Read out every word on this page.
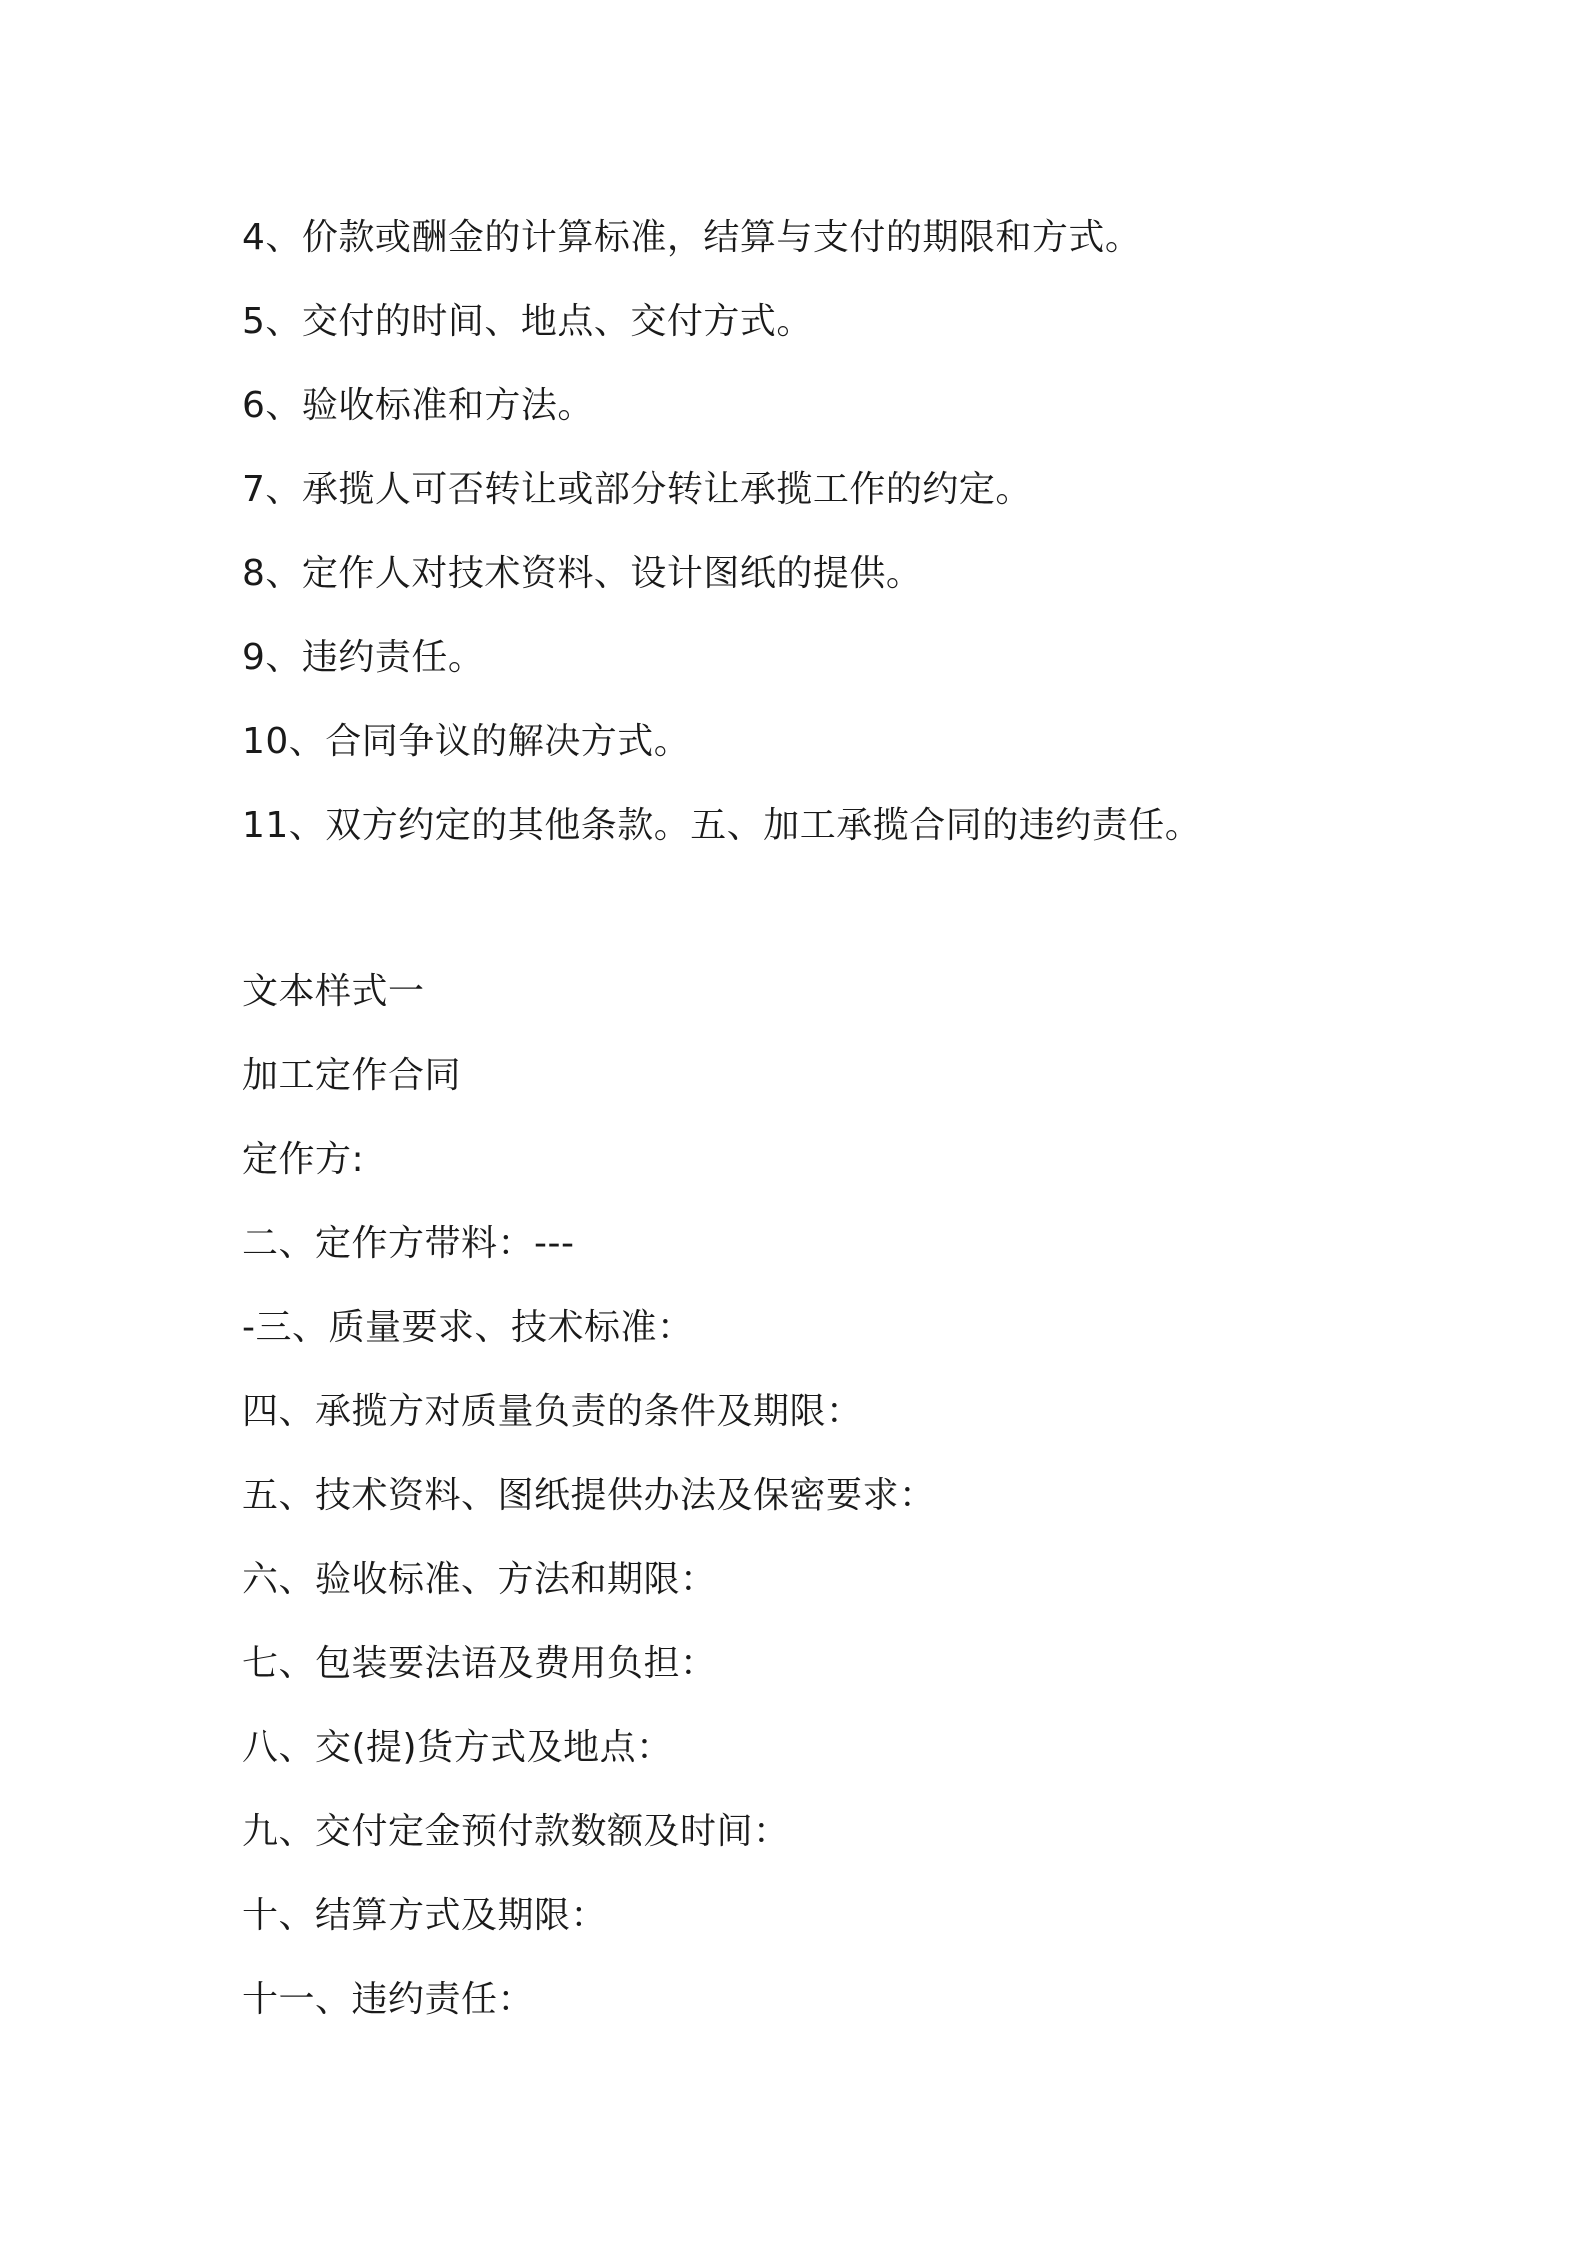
4、价款或酬金的计算标准，结算与支付的期限和方式。
5、交付的时间、地点、交付方式。
6、验收标准和方法。
7、承揽人可否转让或部分转让承揽工作的约定。
8、定作人对技术资料、设计图纸的提供。
9、违约责任。
10、合同争议的解决方式。
11、双方约定的其他条款。五、加工承揽合同的违约责任。
文本样式一
加工定作合同
定作方:
二、定作方带料：---
-三、质量要求、技术标准：
四、承揽方对质量负责的条件及期限：
五、技术资料、图纸提供办法及保密要求：
六、验收标准、方法和期限：
七、包装要法语及费用负担：
八、交(提)货方式及地点：
九、交付定金预付款数额及时间：
十、结算方式及期限：
十一、违约责任：
